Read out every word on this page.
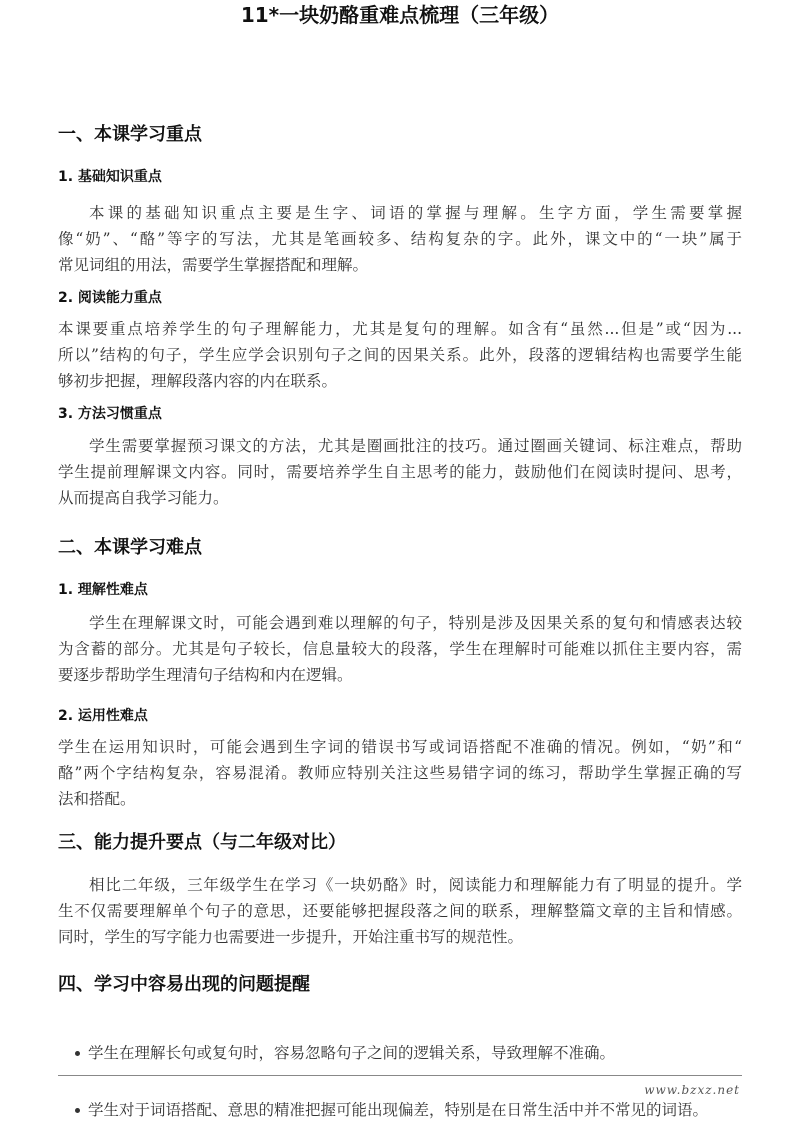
11*一块奶酪重难点梳理（三年级）
一、本课学习重点
1. 基础知识重点
本课的基础知识重点主要是生字、词语的掌握与理解。生字方面，学生需要掌握
像“奶”、“酪”等字的写法，尤其是笔画较多、结构复杂的字。此外，课文中的“一块”属于
常见词组的用法，需要学生掌握搭配和理解。
2. 阅读能力重点
本课要重点培养学生的句子理解能力，尤其是复句的理解。如含有“虽然...但是”或“因为...
所以”结构的句子，学生应学会识别句子之间的因果关系。此外，段落的逻辑结构也需要学生能
够初步把握，理解段落内容的内在联系。
3. 方法习惯重点
学生需要掌握预习课文的方法，尤其是圈画批注的技巧。通过圈画关键词、标注难点，帮助
学生提前理解课文内容。同时，需要培养学生自主思考的能力，鼓励他们在阅读时提问、思考，
从而提高自我学习能力。
二、本课学习难点
1. 理解性难点
学生在理解课文时，可能会遇到难以理解的句子，特别是涉及因果关系的复句和情感表达较
为含蓄的部分。尤其是句子较长，信息量较大的段落，学生在理解时可能难以抓住主要内容，需
要逐步帮助学生理清句子结构和内在逻辑。
2. 运用性难点
学生在运用知识时，可能会遇到生字词的错误书写或词语搭配不准确的情况。例如，“奶”和“
酪”两个字结构复杂，容易混淆。教师应特别关注这些易错字词的练习，帮助学生掌握正确的写
法和搭配。
三、能力提升要点（与二年级对比）
相比二年级，三年级学生在学习《一块奶酪》时，阅读能力和理解能力有了明显的提升。学
生不仅需要理解单个句子的意思，还要能够把握段落之间的联系，理解整篇文章的主旨和情感。
同时，学生的写字能力也需要进一步提升，开始注重书写的规范性。
四、学习中容易出现的问题提醒
学生在理解长句或复句时，容易忽略句子之间的逻辑关系，导致理解不准确。
学生对于词语搭配、意思的精准把握可能出现偏差，特别是在日常生活中并不常见的词语。
www.bzxz.net
